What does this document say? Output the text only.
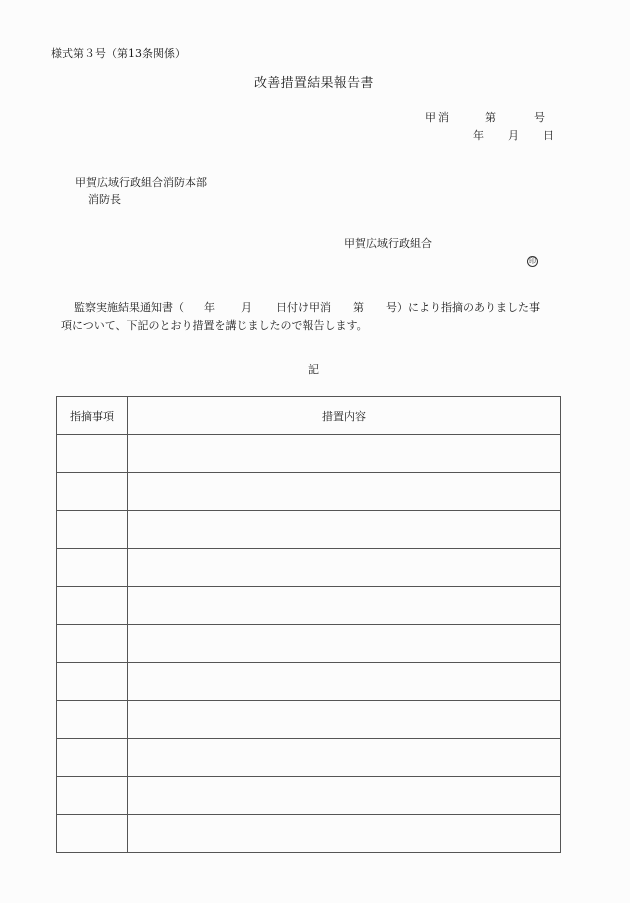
様式第３号（第13条関係）
改善措置結果報告書
甲消	第	号
年 月 日
甲賀広域行政組合消防本部
消防長
甲賀広域行政組合
印
監察実施結果通知書（ 年 月 日付け甲消 第 号）により指摘のありました事
項について、下記のとおり措置を講じましたので報告します。
記
指摘事項	措置内容
